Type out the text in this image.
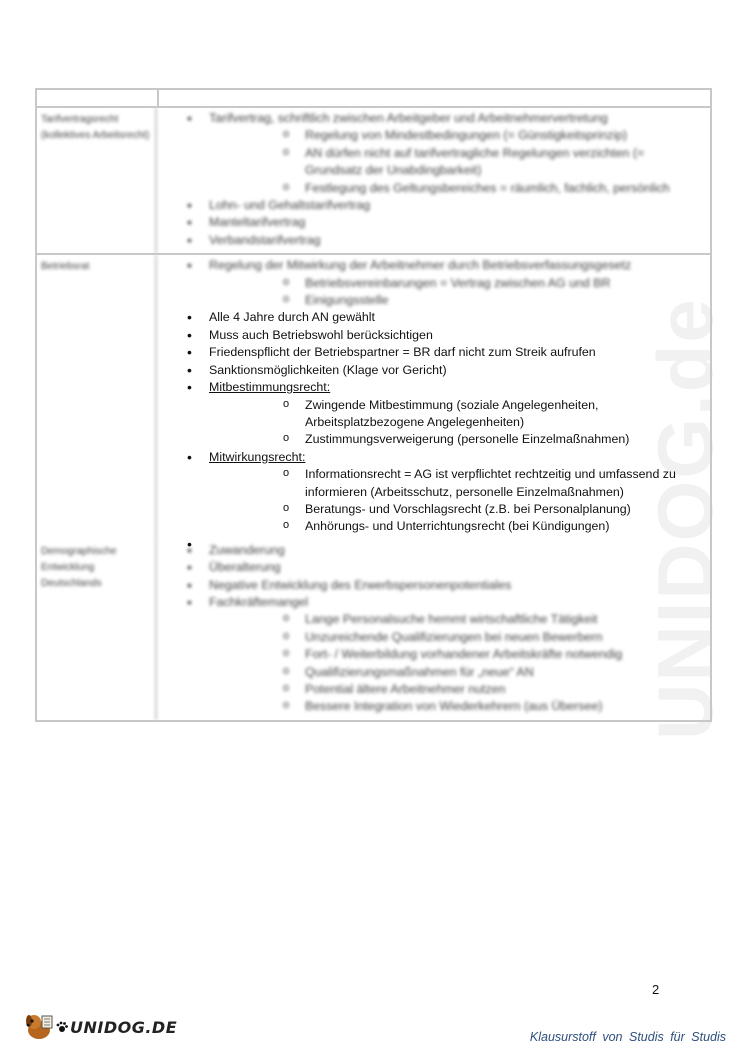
UNIDOG.de
Tarifvertragsrecht (kollektives Arbeitsrecht)
• Tarifvertrag, schriftlich zwischen Arbeitgeber und Arbeitnehmervertretung
o Regelung von Mindestbedingungen (= Günstigkeitsprinzip)
o AN dürfen nicht auf tarifvertragliche Regelungen verzichten (= Grundsatz der Unabdingbarkeit)
o Festlegung des Geltungsbereiches = räumlich, fachlich, persönlich
• Lohn- und Gehaltstarifvertrag
• Manteltarifvertrag
• Verbandstarifvertrag
Betriebsrat
•	Regelung der Mitwirkung der Arbeitnehmer durch Betriebsverfassungsgesetz
o Betriebsvereinbarungen = Vertrag zwischen AG und BR
o Einigungsstelle
• Alle 4 Jahre durch AN gewählt
• Muss auch Betriebswohl berücksichtigen
• Friedenspflicht der Betriebspartner = BR darf nicht zum Streik aufrufen
• Sanktionsmöglichkeiten (Klage vor Gericht)
• Mitbestimmungsrecht:
o Zwingende Mitbestimmung (soziale Angelegenheiten, Arbeitsplatzbezogene Angelegenheiten)
o Zustimmungsverweigerung (personelle Einzelmaßnahmen)
• Mitwirkungsrecht:
o Informationsrecht = AG ist verpflichtet rechtzeitig und umfassend zu informieren (Arbeitsschutz, personelle Einzelmaßnahmen)
o Beratungs- und Vorschlagsrecht (z.B. bei Personalplanung)
o Anhörungs- und Unterrichtungsrecht (bei Kündigungen)
Demographische Entwicklung Deutschlands
• Zuwanderung
• Überalterung
• Negative Entwicklung des Erwerbspersonenpotentiales
• Fachkräftemangel
o Lange Personalsuche hemmt wirtschaftliche Tätigkeit
o Unzureichende Qualifizierungen bei neuen Bewerbern
o Fort- / Weiterbildung vorhandener Arbeitskräfte notwendig
o Qualifizierungsmaßnahmen für „neue“ AN
o Potential ältere Arbeitnehmer nutzen
o Bessere Integration von Wiederkehrern (aus Übersee)
2
UNIDOG.DE
Klausurstoff von Studis für Studis
